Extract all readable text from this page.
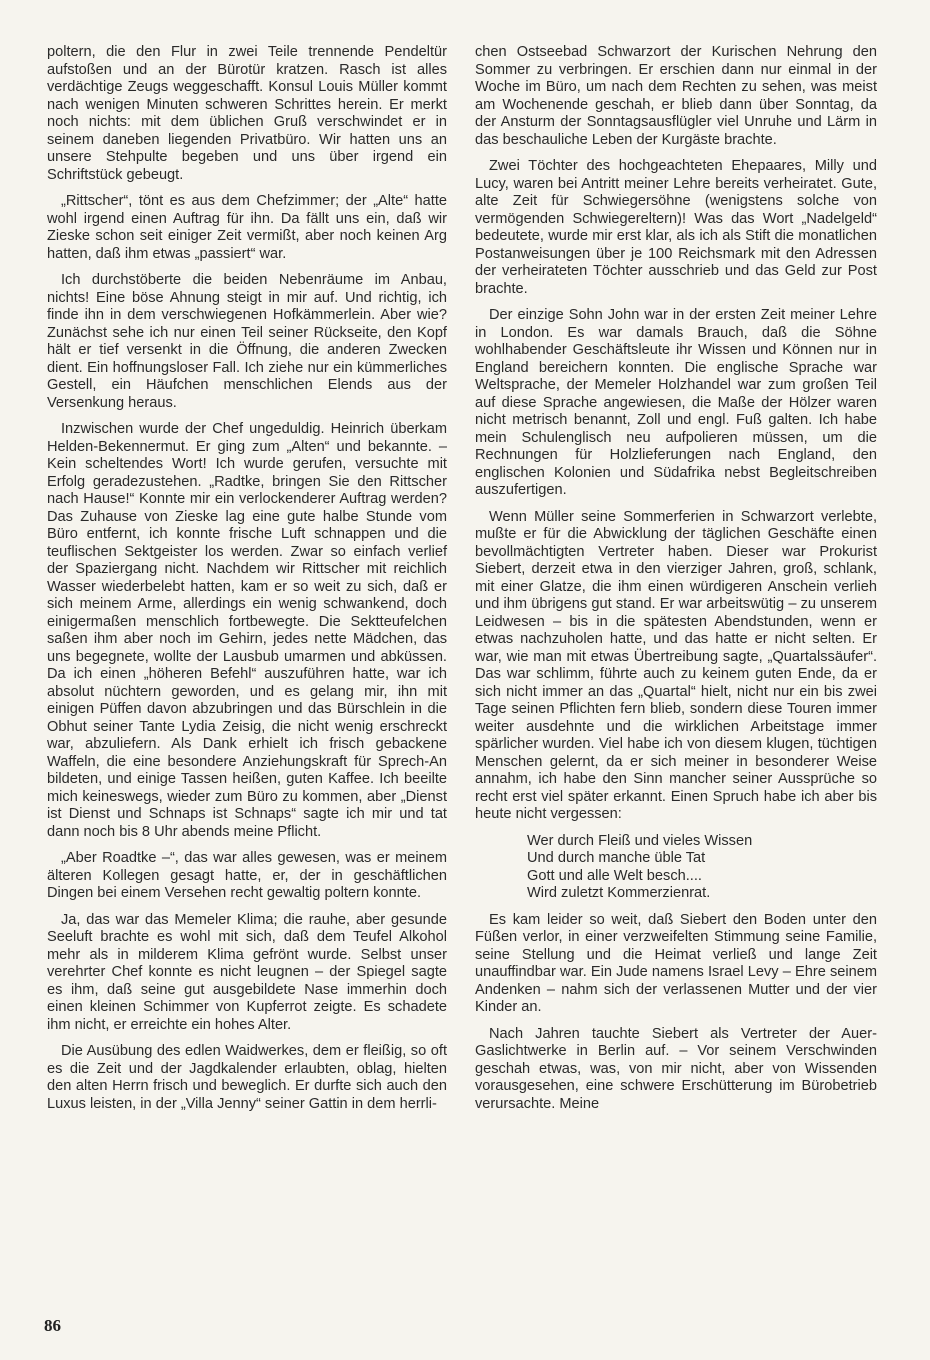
poltern, die den Flur in zwei Teile trennende Pendeltür aufstoßen und an der Bürotür kratzen. Rasch ist alles verdächtige Zeugs weggeschafft. Konsul Louis Müller kommt nach wenigen Minuten schweren Schrittes herein. Er merkt noch nichts: mit dem üblichen Gruß verschwindet er in seinem daneben liegenden Privatbüro. Wir hatten uns an unsere Stehpulte begeben und uns über irgend ein Schriftstück gebeugt.

„Rittscher“, tönt es aus dem Chefzimmer; der „Alte“ hatte wohl irgend einen Auftrag für ihn. Da fällt uns ein, daß wir Zieske schon seit einiger Zeit vermißt, aber noch keinen Arg hatten, daß ihm etwas „passiert“ war.

Ich durchstöberte die beiden Nebenräume im Anbau, nichts! Eine böse Ahnung steigt in mir auf. Und richtig, ich finde ihn in dem verschwiegenen Hofkämmerlein. Aber wie? Zunächst sehe ich nur einen Teil seiner Rückseite, den Kopf hält er tief versenkt in die Öffnung, die anderen Zwecken dient. Ein hoffnungsloser Fall. Ich ziehe nur ein kümmerliches Gestell, ein Häufchen menschlichen Elends aus der Versenkung heraus.

Inzwischen wurde der Chef ungeduldig. Heinrich überkam Helden-Bekennermut. Er ging zum „Alten“ und bekannte. – Kein scheltendes Wort! Ich wurde gerufen, versuchte mit Erfolg geradezustehen. „Radtke, bringen Sie den Rittscher nach Hause!“ Konnte mir ein verlockenderer Auftrag werden? Das Zuhause von Zieske lag eine gute halbe Stunde vom Büro entfernt, ich konnte frische Luft schnappen und die teuflischen Sektgeister los werden. Zwar so einfach verlief der Spaziergang nicht. Nachdem wir Rittscher mit reichlich Wasser wiederbelebt hatten, kam er so weit zu sich, daß er sich meinem Arme, allerdings ein wenig schwankend, doch einigermaßen menschlich fortbewegte. Die Sektteufelchen saßen ihm aber noch im Gehirn, jedes nette Mädchen, das uns begegnete, wollte der Lausbub umarmen und abküssen. Da ich einen „höheren Befehl“ auszuführen hatte, war ich absolut nüchtern geworden, und es gelang mir, ihn mit einigen Püffen davon abzubringen und das Bürschlein in die Obhut seiner Tante Lydia Zeisig, die nicht wenig erschreckt war, abzuliefern. Als Dank erhielt ich frisch gebackene Waffeln, die eine besondere Anziehungskraft für Sprech-An bildeten, und einige Tassen heißen, guten Kaffee. Ich beeilte mich keineswegs, wieder zum Büro zu kommen, aber „Dienst ist Dienst und Schnaps ist Schnaps“ sagte ich mir und tat dann noch bis 8 Uhr abends meine Pflicht.

„Aber Roadtke –“, das war alles gewesen, was er meinem älteren Kollegen gesagt hatte, er, der in geschäftlichen Dingen bei einem Versehen recht gewaltig poltern konnte.

Ja, das war das Memeler Klima; die rauhe, aber gesunde Seeluft brachte es wohl mit sich, daß dem Teufel Alkohol mehr als in milderem Klima gefrönt wurde. Selbst unser verehrter Chef konnte es nicht leugnen – der Spiegel sagte es ihm, daß seine gut ausgebildete Nase immerhin doch einen kleinen Schimmer von Kupferrot zeigte. Es schadete ihm nicht, er erreichte ein hohes Alter.

Die Ausübung des edlen Waidwerkes, dem er fleißig, so oft es die Zeit und der Jagdkalender erlaubten, oblag, hielten den alten Herrn frisch und beweglich. Er durfte sich auch den Luxus leisten, in der „Villa Jenny“ seiner Gattin in dem herrli-

chen Ostseebad Schwarzort der Kurischen Nehrung den Sommer zu verbringen. Er erschien dann nur einmal in der Woche im Büro, um nach dem Rechten zu sehen, was meist am Wochenende geschah, er blieb dann über Sonntag, da der Ansturm der Sonntagsausflügler viel Unruhe und Lärm in das beschauliche Leben der Kurgäste brachte.

Zwei Töchter des hochgeachteten Ehepaares, Milly und Lucy, waren bei Antritt meiner Lehre bereits verheiratet. Gute, alte Zeit für Schwiegersöhne (wenigstens solche von vermögenden Schwiegereltern)! Was das Wort „Nadelgeld“ bedeutete, wurde mir erst klar, als ich als Stift die monatlichen Postanweisungen über je 100 Reichsmark mit den Adressen der verheirateten Töchter ausschrieb und das Geld zur Post brachte.

Der einzige Sohn John war in der ersten Zeit meiner Lehre in London. Es war damals Brauch, daß die Söhne wohlhabender Geschäftsleute ihr Wissen und Können nur in England bereichern konnten. Die englische Sprache war Weltsprache, der Memeler Holzhandel war zum großen Teil auf diese Sprache angewiesen, die Maße der Hölzer waren nicht metrisch benannt, Zoll und engl. Fuß galten. Ich habe mein Schulenglisch neu aufpolieren müssen, um die Rechnungen für Holzlieferungen nach England, den englischen Kolonien und Südafrika nebst Begleitschreiben auszufertigen.

Wenn Müller seine Sommerferien in Schwarzort verlebte, mußte er für die Abwicklung der täglichen Geschäfte einen bevollmächtigten Vertreter haben. Dieser war Prokurist Siebert, derzeit etwa in den vierziger Jahren, groß, schlank, mit einer Glatze, die ihm einen würdigeren Anschein verlieh und ihm übrigens gut stand. Er war arbeitswütig – zu unserem Leidwesen – bis in die spätesten Abendstunden, wenn er etwas nachzuholen hatte, und das hatte er nicht selten. Er war, wie man mit etwas Übertreibung sagte, „Quartalssäufer“. Das war schlimm, führte auch zu keinem guten Ende, da er sich nicht immer an das „Quartal“ hielt, nicht nur ein bis zwei Tage seinen Pflichten fern blieb, sondern diese Touren immer weiter ausdehnte und die wirklichen Arbeitstage immer spärlicher wurden. Viel habe ich von diesem klugen, tüchtigen Menschen gelernt, da er sich meiner in besonderer Weise annahm, ich habe den Sinn mancher seiner Aussprüche so recht erst viel später erkannt. Einen Spruch habe ich aber bis heute nicht vergessen:

Wer durch Fleiß und vieles Wissen
Und durch manche üble Tat
Gott und alle Welt besch....
Wird zuletzt Kommerzienrat.

Es kam leider so weit, daß Siebert den Boden unter den Füßen verlor, in einer verzweifelten Stimmung seine Familie, seine Stellung und die Heimat verließ und lange Zeit unauffindbar war. Ein Jude namens Israel Levy – Ehre seinem Andenken – nahm sich der verlassenen Mutter und der vier Kinder an.

Nach Jahren tauchte Siebert als Vertreter der Auer-Gaslichtwerke in Berlin auf. – Vor seinem Verschwinden geschah etwas, was, von mir nicht, aber von Wissenden vorausgesehen, eine schwere Erschütterung im Bürobetrieb verursachte. Meine

86
